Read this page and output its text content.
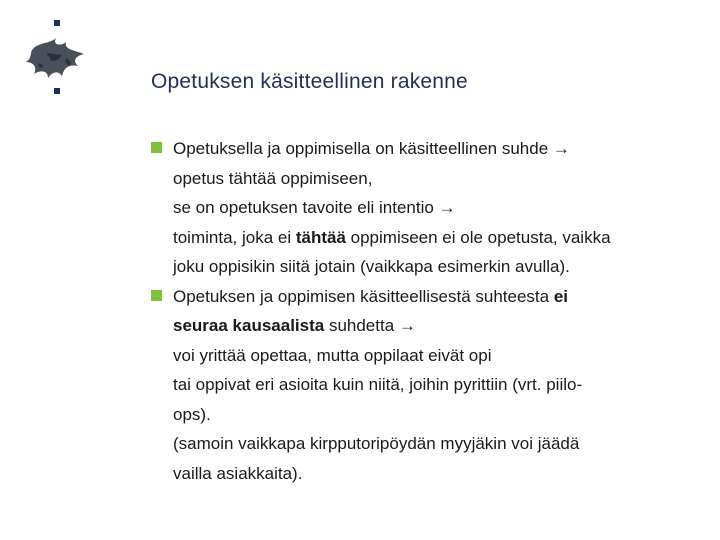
Opetuksen käsitteellinen rakenne
Opetuksella ja oppimisella on käsitteellinen suhde →
opetus tähtää oppimiseen,
se on opetuksen tavoite eli intentio →
toiminta, joka ei tähtää oppimiseen ei ole opetusta, vaikka
joku oppisikin siitä jotain (vaikkapa esimerkin avulla).
Opetuksen ja oppimisen käsitteellisestä suhteesta ei
seuraa kausaalista suhdetta →
voi yrittää opettaa, mutta oppilaat eivät opi
tai oppivat eri asioita kuin niitä, joihin pyrittiin (vrt. piilo-
ops).
(samoin vaikkapa kirpputoripöydän myyjäkin voi jäädä
vailla asiakkaita).
